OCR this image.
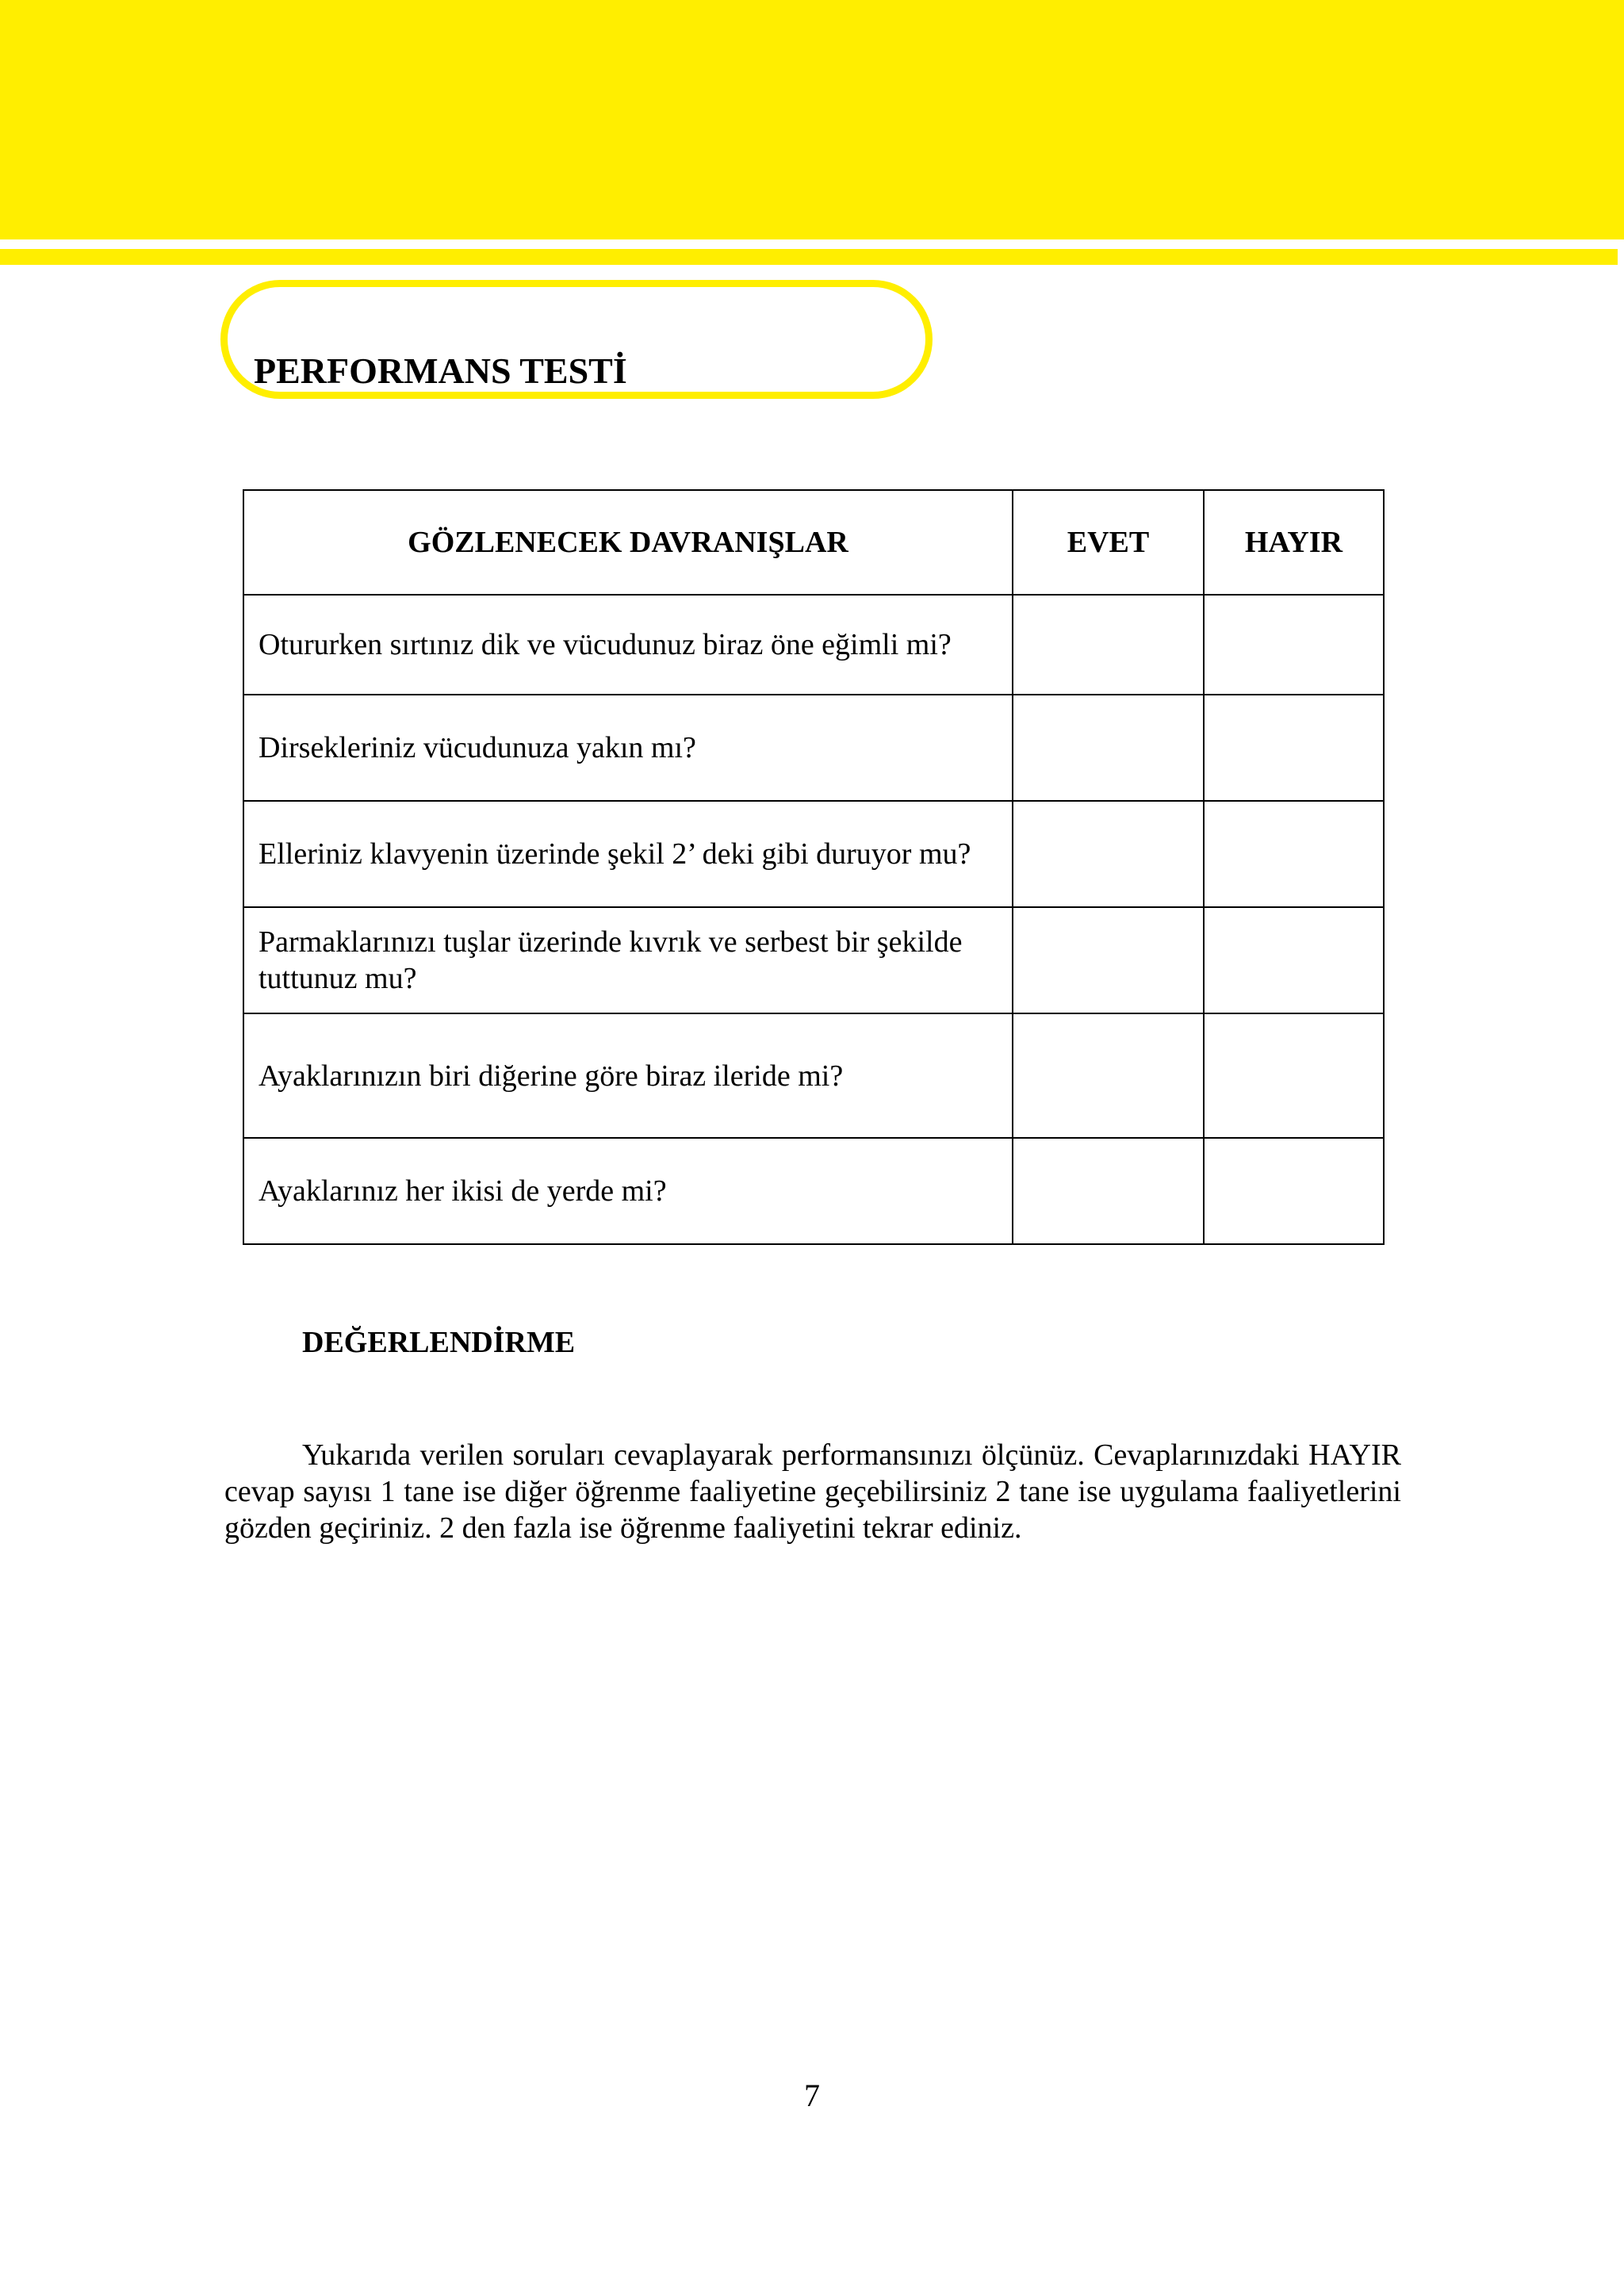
PERFORMANS TESTİ
GÖZLENECEK DAVRANIŞLAR	EVET	HAYIR
Otururken sırtınız dik ve vücudunuz biraz öne eğimli mi?		
Dirsekleriniz vücudunuza yakın mı?		
Elleriniz klavyenin üzerinde şekil 2’ deki gibi duruyor mu?		
Parmaklarınızı tuşlar üzerinde kıvrık ve serbest bir şekilde tuttunuz mu?		
Ayaklarınızın biri diğerine göre biraz ileride mi?		
Ayaklarınız her ikisi de yerde mi?		
DEĞERLENDİRME

Yukarıda verilen soruları cevaplayarak performansınızı ölçünüz. Cevaplarınızdaki HAYIR cevap sayısı 1 tane ise diğer öğrenme faaliyetine geçebilirsiniz 2 tane ise uygulama faaliyetlerini gözden geçiriniz. 2 den fazla ise öğrenme faaliyetini tekrar ediniz.

7
